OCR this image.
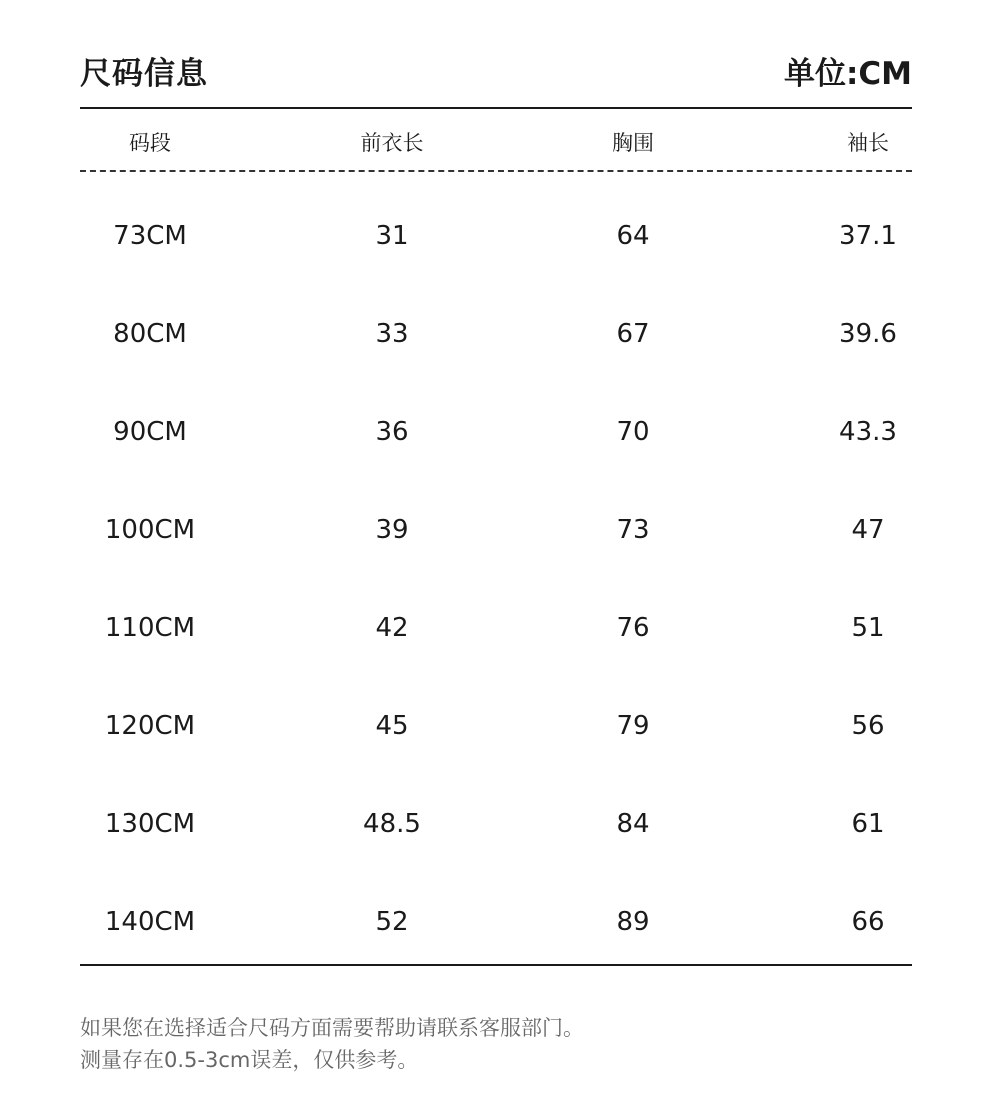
尺码信息	单位:CM
码段	前衣长	胸围	袖长
73CM	31	64	37.1
80CM	33	67	39.6
90CM	36	70	43.3
100CM	39	73	47
110CM	42	76	51
120CM	45	79	56
130CM	48.5	84	61
140CM	52	89	66
如果您在选择适合尺码方面需要帮助请联系客服部门。
测量存在0.5-3cm误差，仅供参考。
